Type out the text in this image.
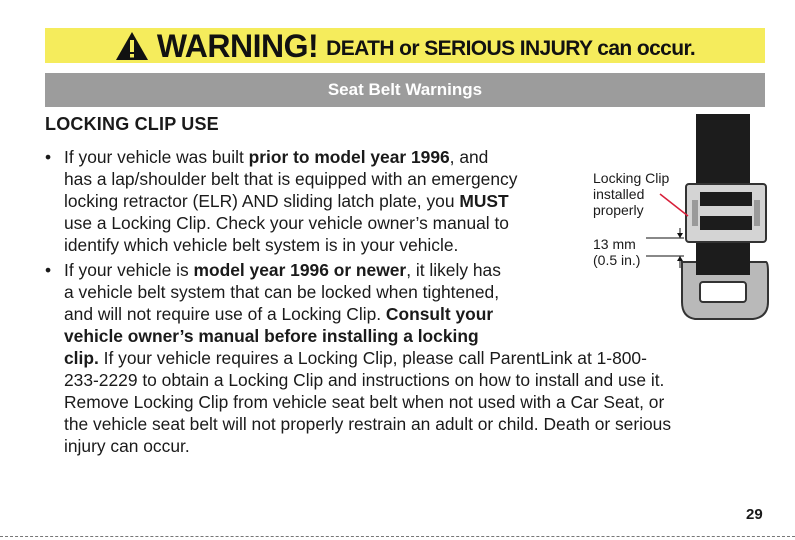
WARNING! DEATH or SERIOUS INJURY can occur.
Seat Belt Warnings
LOCKING CLIP USE
• If your vehicle was built prior to model year 1996, and
has a lap/shoulder belt that is equipped with an emergency
locking retractor (ELR) AND sliding latch plate, you MUST
use a Locking Clip. Check your vehicle owner’s manual to
identify which vehicle belt system is in your vehicle.
• If your vehicle is model year 1996 or newer, it likely has
a vehicle belt system that can be locked when tightened,
and will not require use of a Locking Clip. Consult your
vehicle owner’s manual before installing a locking
clip. If your vehicle requires a Locking Clip, please call ParentLink at 1-800-
233-2229 to obtain a Locking Clip and instructions on how to install and use it.
Remove Locking Clip from vehicle seat belt when not used with a Car Seat, or
the vehicle seat belt will not properly restrain an adult or child. Death or serious
injury can occur.
Locking Clip
installed
properly
13 mm
(0.5 in.)
29
